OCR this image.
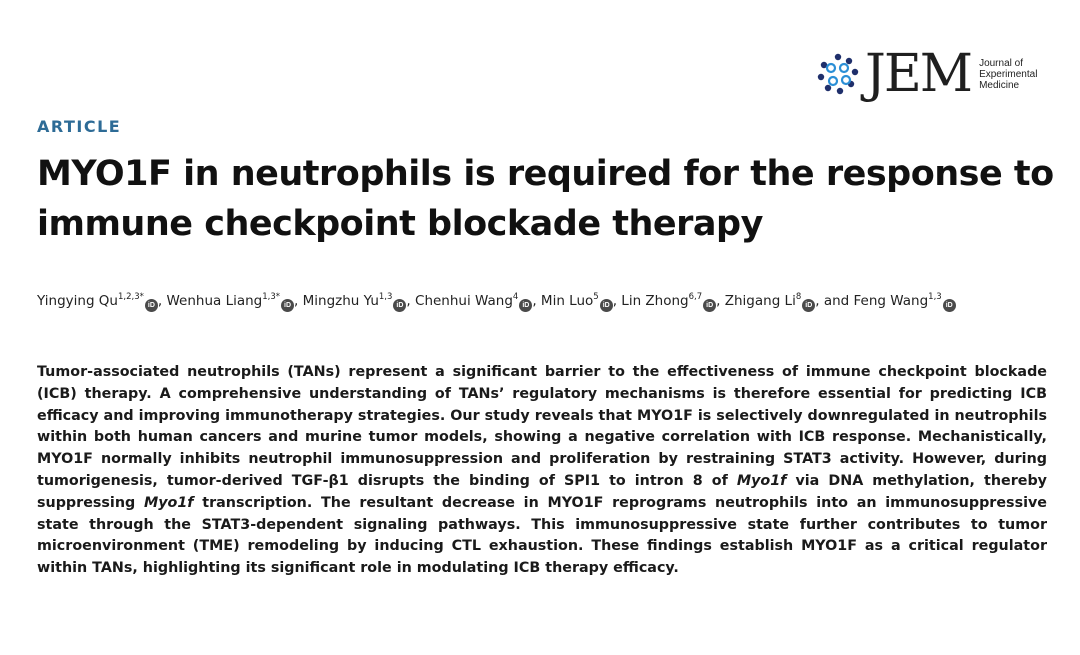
JEM Journal of
Experimental
Medicine
ARTICLE
MYO1F in neutrophils is required for the response to immune checkpoint blockade therapy
Yingying $Qu^{1,2,3*}iD$ , Wenhua Liang$^{1,3*}$iD , Mingzhu Yu$^{1,3}$iD , Chenhui Wang$^4$iD , Min Luo$^5$iD , Lin Zhong$^{6,7}$iD , Zhigang Li$^8$iD , and Feng Wang$^{1,3}$iD

Tumor-associated neutrophils (TANs) represent a significant barrier to the effectiveness of immune checkpoint blockade (ICB) therapy. A comprehensive understanding of TANs’ regulatory mechanisms is therefore essential for predicting ICB efficacy and improving immunotherapy strategies. Our study reveals that MYO1F is selectively downregulated in neutrophils within both human cancers and murine tumor models, showing a negative correlation with ICB response. Mechanistically, MYO1F normally inhibits neutrophil immunosuppression and proliferation by restraining STAT3 activity. However, during tumorigenesis, tumor-derived TGF-β1 disrupts the binding of SPI1 to intron 8 of Myo1f via DNA methylation, thereby suppressing Myo1f transcription. The resultant decrease in MYO1F reprograms neutrophils into an immunosuppressive state through the STAT3-dependent signaling pathways. This immunosuppressive state further contributes to tumor microenvironment (TME) remodeling by inducing CTL exhaustion. These findings establish MYO1F as a critical regulator within TANs, highlighting its significant role in modulating ICB therapy efficacy.
